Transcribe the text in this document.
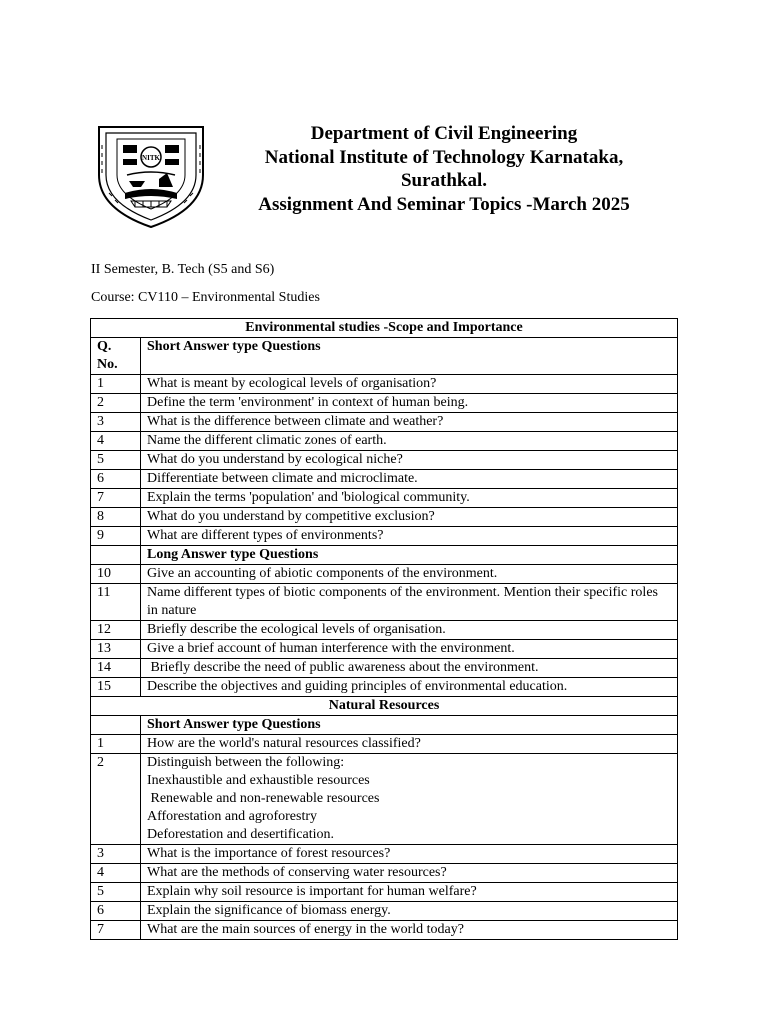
NITK
Department of Civil Engineering
National Institute of Technology Karnataka,
Surathkal.
Assignment And Seminar Topics -March 2025
II Semester, B. Tech (S5 and S6)
Course: CV110 – Environmental Studies
Environmental studies -Scope and Importance	
Q. No.	Short Answer type Questions
1	What is meant by ecological levels of organisation?
2	Define the term 'environment' in context of human being.
3	What is the difference between climate and weather?
4	Name the different climatic zones of earth.
5	What do you understand by ecological niche?
6	Differentiate between climate and microclimate.
7	Explain the terms 'population' and 'biological community.
8	What do you understand by competitive exclusion?
9	What are different types of environments?
	Long Answer type Questions
10	Give an accounting of abiotic components of the environment.
11	Name different types of biotic components of the environment. Mention their specific roles in nature
12	Briefly describe the ecological levels of organisation.
13	Give a brief account of human interference with the environment.
14	Briefly describe the need of public awareness about the environment.
15	Describe the objectives and guiding principles of environmental education.
Natural Resources	
	Short Answer type Questions
1	How are the world's natural resources classified?
2	Distinguish between the following:
Inexhaustible and exhaustible resources
Renewable and non-renewable resources
Afforestation and agroforestry
Deforestation and desertification.

3	What is the importance of forest resources?
4	What are the methods of conserving water resources?
5	Explain why soil resource is important for human welfare?
6	Explain the significance of biomass energy.
7	What are the main sources of energy in the world today?
